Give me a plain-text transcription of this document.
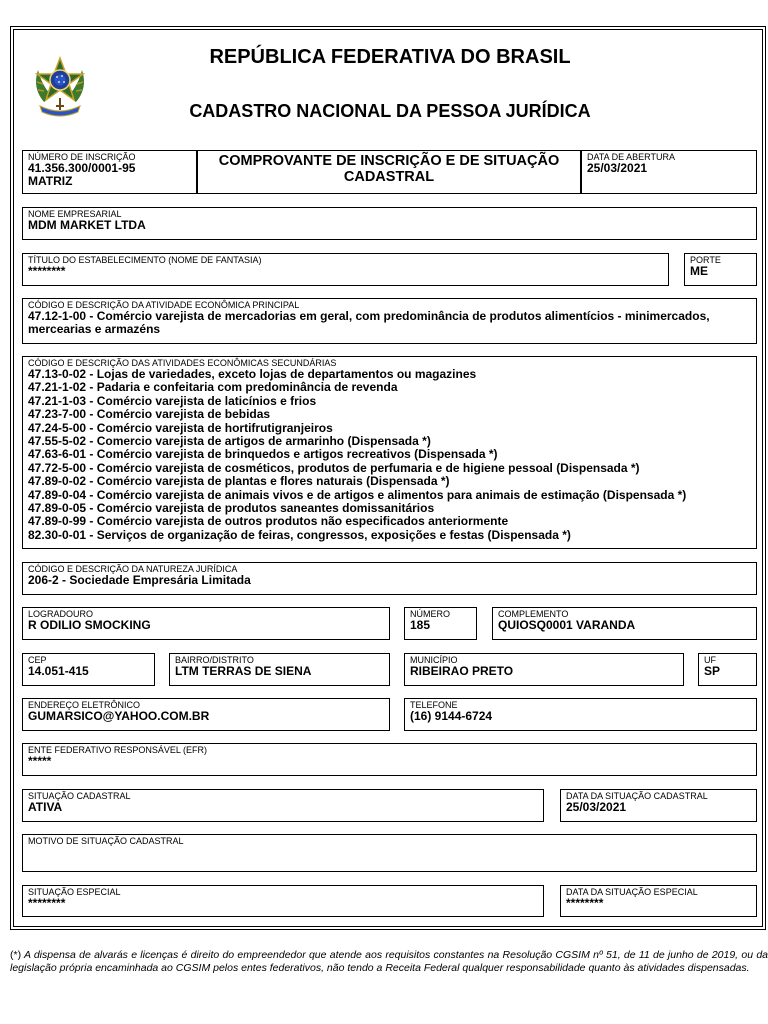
REPÚBLICA FEDERATIVA DO BRASIL
CADASTRO NACIONAL DA PESSOA JURÍDICA
NÚMERO DE INSCRIÇÃO
41.356.300/0001-95
MATRIZ
COMPROVANTE DE INSCRIÇÃO E DE SITUAÇÃO CADASTRAL
DATA DE ABERTURA
25/03/2021
NOME EMPRESARIAL
MDM MARKET LTDA
TÍTULO DO ESTABELECIMENTO (NOME DE FANTASIA)
********
PORTE
ME
CÓDIGO E DESCRIÇÃO DA ATIVIDADE ECONÔMICA PRINCIPAL
47.12-1-00 - Comércio varejista de mercadorias em geral, com predominância de produtos alimentícios - minimercados, mercearias e armazéns
CÓDIGO E DESCRIÇÃO DAS ATIVIDADES ECONÔMICAS SECUNDÁRIAS
47.13-0-02 - Lojas de variedades, exceto lojas de departamentos ou magazines
47.21-1-02 - Padaria e confeitaria com predominância de revenda
47.21-1-03 - Comércio varejista de laticínios e frios
47.23-7-00 - Comércio varejista de bebidas
47.24-5-00 - Comércio varejista de hortifrutigranjeiros
47.55-5-02 - Comercio varejista de artigos de armarinho (Dispensada *)
47.63-6-01 - Comércio varejista de brinquedos e artigos recreativos (Dispensada *)
47.72-5-00 - Comércio varejista de cosméticos, produtos de perfumaria e de higiene pessoal (Dispensada *)
47.89-0-02 - Comércio varejista de plantas e flores naturais (Dispensada *)
47.89-0-04 - Comércio varejista de animais vivos e de artigos e alimentos para animais de estimação (Dispensada *)
47.89-0-05 - Comércio varejista de produtos saneantes domissanitários
47.89-0-99 - Comércio varejista de outros produtos não especificados anteriormente
82.30-0-01 - Serviços de organização de feiras, congressos, exposições e festas (Dispensada *)
CÓDIGO E DESCRIÇÃO DA NATUREZA JURÍDICA
206-2 - Sociedade Empresária Limitada
LOGRADOURO
R ODILIO SMOCKING
NÚMERO
185
COMPLEMENTO
QUIOSQ0001 VARANDA
CEP
14.051-415
BAIRRO/DISTRITO
LTM TERRAS DE SIENA
MUNICÍPIO
RIBEIRAO PRETO
UF
SP
ENDEREÇO ELETRÔNICO
GUMARSICO@YAHOO.COM.BR
TELEFONE
(16) 9144-6724
ENTE FEDERATIVO RESPONSÁVEL (EFR)
*****
SITUAÇÃO CADASTRAL
ATIVA
DATA DA SITUAÇÃO CADASTRAL
25/03/2021
MOTIVO DE SITUAÇÃO CADASTRAL
SITUAÇÃO ESPECIAL
********
DATA DA SITUAÇÃO ESPECIAL
********
(*) A dispensa de alvarás e licenças é direito do empreendedor que atende aos requisitos constantes na Resolução CGSIM nº 51, de 11 de junho de 2019, ou da legislação própria encaminhada ao CGSIM pelos entes federativos, não tendo a Receita Federal qualquer responsabilidade quanto às atividades dispensadas.
